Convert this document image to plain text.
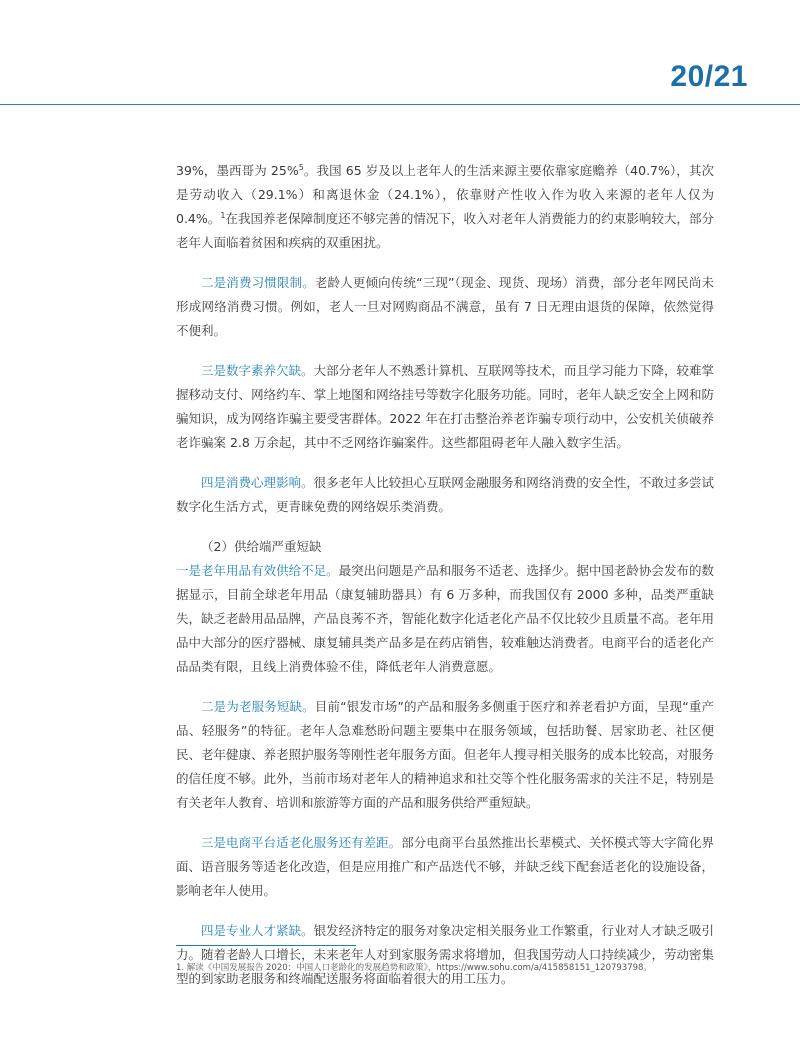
20/21

39%，墨西哥为 25%$^5$。我国 65 岁及以上老年人的生活来源主要依靠家庭赡养（40.7%），其次是劳动收入（29.1%）和离退休金（24.1%），依靠财产性收入作为收入来源的老年人仅为 0.4%。$^1$在我国养老保障制度还不够完善的情况下，收入对老年人消费能力的约束影响较大，部分老年人面临着贫困和疾病的双重困扰。

二是消费习惯限制。老龄人更倾向传统“三现”（现金、现货、现场）消费，部分老年网民尚未形成网络消费习惯。例如，老人一旦对网购商品不满意，虽有 7 日无理由退货的保障，依然觉得不便利。

三是数字素养欠缺。大部分老年人不熟悉计算机、互联网等技术，而且学习能力下降，较难掌握移动支付、网络约车、掌上地图和网络挂号等数字化服务功能。同时，老年人缺乏安全上网和防骗知识，成为网络诈骗主要受害群体。2022 年在打击整治养老诈骗专项行动中，公安机关侦破养老诈骗案 2.8 万余起，其中不乏网络诈骗案件。这些都阻碍老年人融入数字生活。

四是消费心理影响。很多老年人比较担心互联网金融服务和网络消费的安全性，不敢过多尝试数字化生活方式，更青睐免费的网络娱乐类消费。

（2）供给端严重短缺

一是老年用品有效供给不足。最突出问题是产品和服务不适老、选择少。据中国老龄协会发布的数据显示，目前全球老年用品（康复辅助器具）有 6 万多种，而我国仅有 2000 多种，品类严重缺失，缺乏老龄用品品牌，产品良莠不齐，智能化数字化适老化产品不仅比较少且质量不高。老年用品中大部分的医疗器械、康复辅具类产品多是在药店销售，较难触达消费者。电商平台的适老化产品品类有限，且线上消费体验不佳，降低老年人消费意愿。

二是为老服务短缺。目前“银发市场”的产品和服务多侧重于医疗和养老看护方面，呈现“重产品、轻服务”的特征。老年人急难愁盼问题主要集中在服务领域，包括助餐、居家助老、社区便民、老年健康、养老照护服务等刚性老年服务方面。但老年人搜寻相关服务的成本比较高，对服务的信任度不够。此外，当前市场对老年人的精神追求和社交等个性化服务需求的关注不足，特别是有关老年人教育、培训和旅游等方面的产品和服务供给严重短缺。

三是电商平台适老化服务还有差距。部分电商平台虽然推出长辈模式、关怀模式等大字简化界面、语音服务等适老化改造，但是应用推广和产品迭代不够，并缺乏线下配套适老化的设施设备，影响老年人使用。

四是专业人才紧缺。银发经济特定的服务对象决定相关服务业工作繁重，行业对人才缺乏吸引力。随着老龄人口增长，未来老年人对到家服务需求将增加，但我国劳动人口持续减少，劳动密集型的到家助老服务和终端配送服务将面临着很大的用工压力。

1. 解读《中国发展报告 2020：中国人口老龄化的发展趋势和政策》，https://www.sohu.com/a/415858151_120793798。
